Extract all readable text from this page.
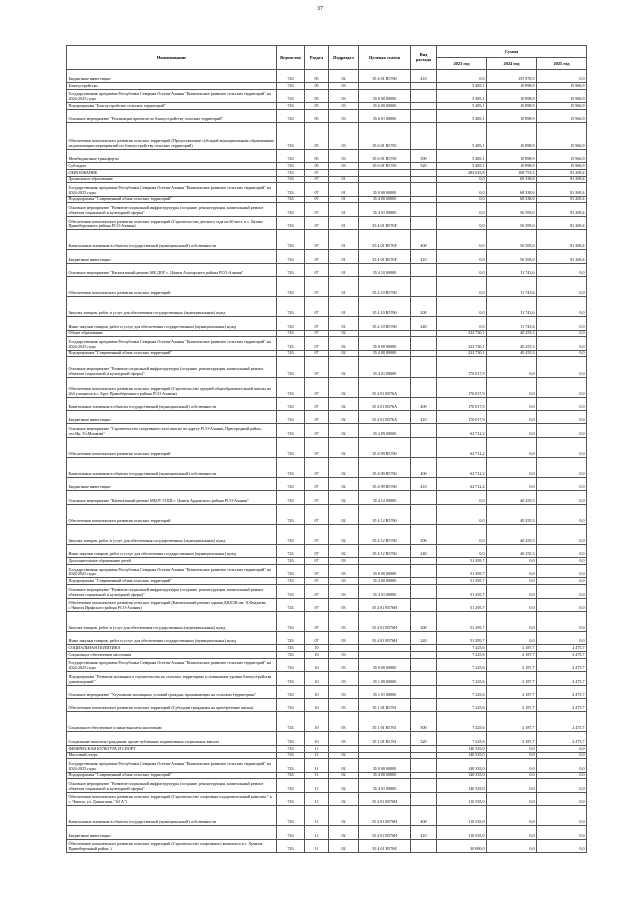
37
Наименование	Ведомство	Раздел	Подраздел	Целевая статья	Вид расхода	Сумма		
						2023 год	2024 год	2025 год
Бюджетные инвестиции	743	05	02	35 4 01 R5760	410	0,0	155 978,5	0,0
Благоустройство	743	05	03			5 485,1	10 898,9	15 966,9
Государственная программа Республики Северная Осетия-Алания "Комплексное развитие сельских территорий" на 2024-2025 годы	743	05	03	35 0 00 00000		5 485,1	10 898,9	15 966,9
Подпрограмма "Благоустройство сельских территорий"	743	05	03	35 6 00 00000		5 485,1	10 898,9	15 966,9
Основное мероприятие "Реализация проектов по благоустройству сельских территорий"	743	05	03	35 6 01 00000		5 485,1	10 898,9	15 966,9
Обеспечение комплексного развития сельских территорий (Предоставление субсидий муниципальным образованиям на реализацию мероприятий по благоустройству сельских территорий)	743	05	03	35 6 01 R5765		5 485,1	10 898,9	15 966,9
Межбюджетные трансферты	743	05	03	35 6 01 R5765	500	5 485,1	10 898,9	15 966,9
Субсидии	743	05	03	35 6 01 R5765	520	5 485,1	10 898,9	15 966,9
ОБРАЗОВАНИЕ	743	07				284 025,8	108 753,3	81 269,4
Дошкольное образование	743	07	01			0,0	68 338,6	81 269,4
Государственная программа Республики Северная Осетия-Алания "Комплексное развитие сельских территорий" на 2024-2025 годы	743	07	01	35 0 00 00000		0,0	68 338,6	81 269,4
Подпрограмма "Современный облик сельских территорий"	743	07	01	35 4 00 00000		0,0	68 338,6	81 269,4
Основное мероприятие "Развитие социальной инфраструктуры (создание, реконструкция, капитальный ремонт объектов социальной и культурной сферы)"	743	07	01	35 4 01 00000		0,0	56 595,0	81 269,4
Обеспечение комплексного развития сельских территорий (Строительство детского сада на 60 мест, в с. Батако Правобережного района РСО-Алания)	743	07	01	35 4 01 R576F		0,0	56 595,0	81 269,4
Капитальные вложения в объекты государственной (муниципальной) собственности	743	07	01	35 4 01 R576F	400	0,0	56 595,0	81 269,4
Бюджетные инвестиции	743	07	01	35 4 01 R576F	410	0,0	56 595,0	81 269,4
Основное мероприятие "Капитальный ремонт МБ ДОУ с. Цмити Алагирского района РСО-Алания"	743	07	01	35 4 10 00000		0,0	11 743,6	0,0
Обеспечение комплексного развития сельских территорий	743	07	01	35 4 10 R5760		0,0	11 743,6	0,0
Закупка товаров, работ и услуг для обеспечения государственных (муниципальных) нужд	743	07	01	35 4 10 R5760	200	0,0	11 743,6	0,0
Иные закупки товаров, работ и услуг для обеспечения государственных (муниципальных) нужд	743	07	01	35 4 10 R5760	240	0,0	11 743,6	0,0
Общее образование	743	07	02			232 730,1	40 255,3	0,0
Государственная программа Республики Северная Осетия-Алания "Комплексное развитие сельских территорий" на 2024-2025 годы	743	07	02	35 0 00 00000		232 730,1	40 255,3	0,0
Подпрограмма "Современный облик сельских территорий"	743	07	02	35 4 00 00000		232 730,1	40 255,3	0,0
Основное мероприятие "Развитие социальной инфраструктуры (создание, реконструкция, капитальный ремонт объектов социальной и культурной сферы)"	743	07	02	35 4 01 00000		170 017,9	0,0	0,0
Обеспечение комплексного развития сельских территорий (Строительство средней общеобразовательной школы на 264 учащихся в с. Брут Правобережного района РСО-Алания)	743	07	02	35 4 01 R576А		170 017,9	0,0	0,0
Капитальные вложения в объекты государственной (муниципальной) собственности	743	07	02	35 4 01 R576А	400	170 017,9	0,0	0,0
Бюджетные инвестиции	743	07	02	35 4 01 R576А	410	170 017,9	0,0	0,0
Основное мероприятие "Строительство спортивного зала школы по адресу РСО-Алания, Пригородный район, сел.Нр. Ул.Мичкова"	743	07	02	35 4 09 00000		62 712,2	0,0	0,0
Обеспечение комплексного развития сельских территорий	743	07	02	35 4 09 R5760		62 712,2	0,0	0,0
Капитальные вложения в объекты государственной (муниципальной) собственности	743	07	02	35 4 09 R5760	400	62 712,2	0,0	0,0
Бюджетные инвестиции	743	07	02	35 4 09 R5760	410	62 712,2	0,0	0,0
Основное мероприятие "Капитальный ремонт МБОУ СОШ с. Цмити Ардонского района РСО-Алания"	743	07	02	35 4 12 00000		0,0	40 255,3	0,0
Обеспечение комплексного развития сельских территорий	743	07	02	35 4 12 R5760		0,0	40 255,3	0,0
Закупка товаров, работ и услуг для обеспечения государственных (муниципальных) нужд	743	07	02	35 4 12 R5760	200	0,0	40 255,3	0,0
Иные закупки товаров, работ и услуг для обеспечения государственных (муниципальных) нужд	743	07	02	35 4 12 R5760	240	0,0	40 255,3	0,0
Дополнительное образование детей	743	07	03			51 295,7	0,0	0,0
Государственная программа Республики Северная Осетия-Алания "Комплексное развитие сельских территорий" на 2024-2025 годы	743	07	03	35 0 00 00000		51 295,7	0,0	0,0
Подпрограмма "Современный облик сельских территорий"	743	07	03	35 4 00 00000		51 295,7	0,0	0,0
Основное мероприятие "Развитие социальной инфраструктуры (создание, реконструкция, капитальный ремонт объектов социальной и культурной сферы)"	743	07	03	35 4 01 00000		51 295,7	0,0	0,0
Обеспечение комплексного развития сельских территорий (Капитальный ремонт здания ДЮСШ им. А.Фадзаева, с.Чикола Ирафского района РСО-Алания)	743	07	03	35 4 01 R576Н		51 295,7	0,0	0,0
Закупка товаров, работ и услуг для обеспечения государственных (муниципальных) нужд	743	07	03	35 4 01 R576Н	200	51 295,7	0,0	0,0
Иные закупки товаров, работ и услуг для обеспечения государственных (муниципальных) нужд	743	07	03	35 4 01 R576Н	240	51 295,7	0,0	0,0
СОЦИАЛЬНАЯ ПОЛИТИКА	743	10				7 225,6	2 187,7	2 475,7
Социальное обеспечение населения	743	10	03			7 225,6	2 187,7	2 475,7
Государственная программа Республики Северная Осетия-Алания "Комплексное развитие сельских территорий" на 2024-2025 годы	743	10	03	35 0 00 00000		7 225,6	2 187,7	2 475,7
Подпрограмма "Развитие жилищного строительства на сельских территориях и повышение уровня благоустройства домовладений "	743	10	03	35 1 00 00000		7 225,6	2 187,7	2 475,7
Основное мероприятие "Улучшение жилищных условий граждан, проживающих на сельских территориях"	743	10	03	35 1 01 00000		7 225,6	2 187,7	2 475,7
Обеспечение комплексного развития сельских территорий (Субсидии гражданам на приобретение жилья)	743	10	03	35 1 01 R5761		7 225,6	2 187,7	2 475,7
Социальное обеспечение и иные выплаты населению	743	10	03	35 1 01 R5761	300	7 225,6	2 187,7	2 475,7
Социальные выплаты гражданам, кроме публичных нормативных социальных выплат	743	10	03	35 1 01 R5761	320	7 225,6	2 187,7	2 475,7
ФИЗИЧЕСКАЯ КУЛЬТУРА И СПОРТ	743	11				140 335,0	0,0	0,0
Массовый спорт	743	11	02			140 335,0	0,0	0,0
Государственная программа Республики Северная Осетия-Алания "Комплексное развитие сельских территорий" на 2024-2025 годы	743	11	02	35 0 00 00000		140 335,0	0,0	0,0
Подпрограмма "Современный облик сельских территорий"	743	11	02	35 4 00 00000		140 335,0	0,0	0,0
Основное мероприятие "Развитие социальной инфраструктуры (создание, реконструкция, капитальный ремонт объектов социальной и культурной сферы)"	743	11	02	35 4 01 00000		140 335,0	0,0	0,0
Обеспечение комплексного развития сельских территорий (Строительство спортивно-оздоровительный комплекс" в с. Чикола, ул. Дзанагаева, "63 А")	743	11	02	35 4 01 R576Н		110 535,0	0,0	0,0
Капитальные вложения в объекты государственной (муниципальной) собственности	743	11	02	35 4 01 R576Н	400	110 535,0	0,0	0,0
Бюджетные инвестиции	743	11	02	35 4 01 R576Н	410	110 535,0	0,0	0,0
Обеспечение комплексного развития сельских территорий (Строительство спортивного комплекса в с. Хумалаг Правобережный район, )	743	11	02	35 4 01 R576Е		30 000,0	0,0	0,0
